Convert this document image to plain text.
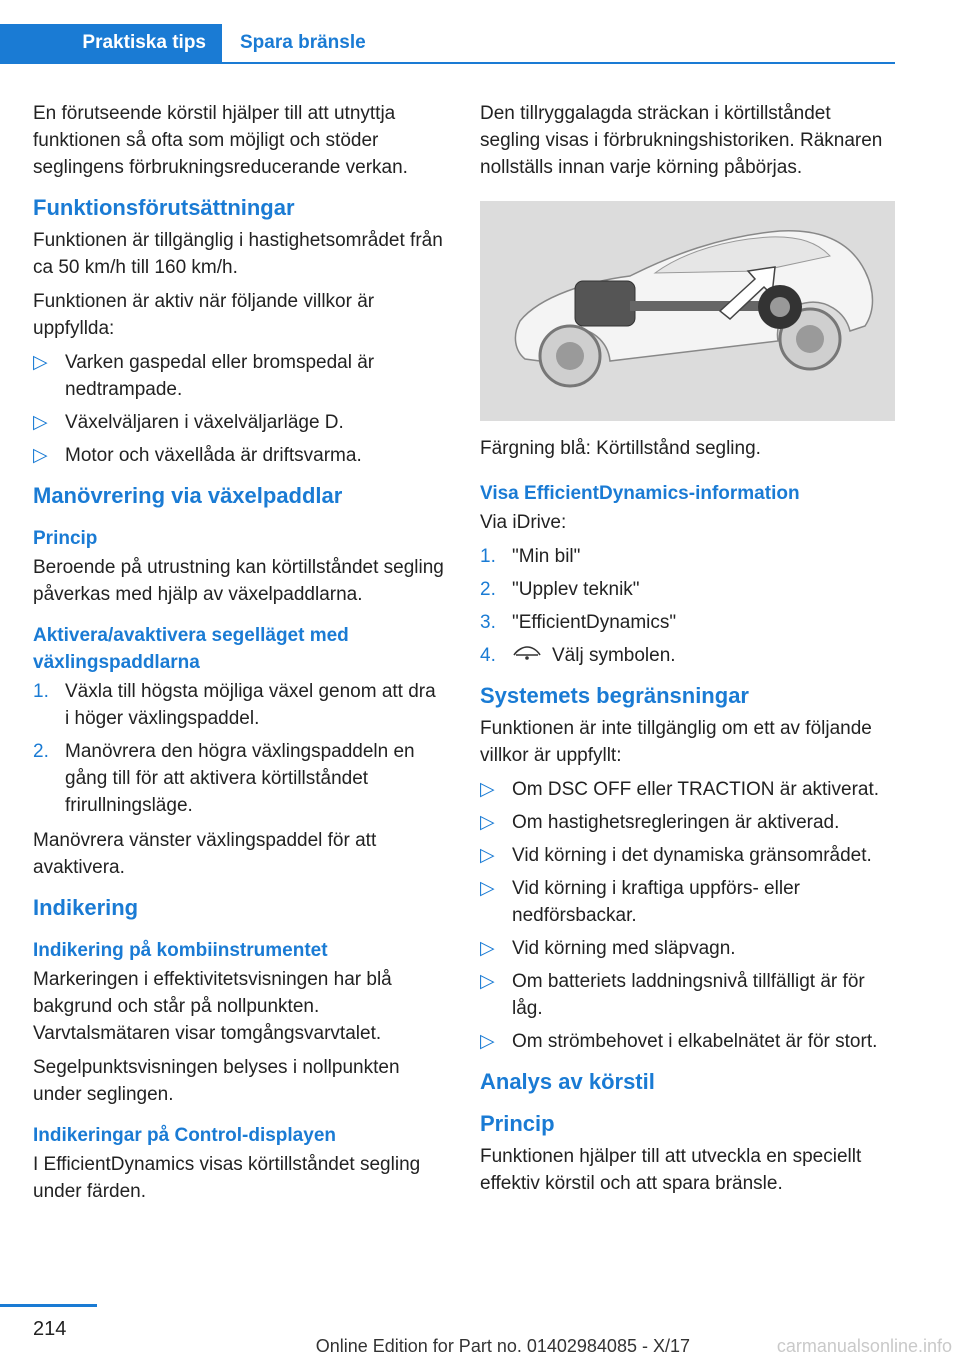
Praktiska tips	Spara bränsle

En förutseende körstil hjälper till att utnyttja funktionen så ofta som möjligt och stöder seglingens förbrukningsreducerande verkan.

Funktionsförutsättningar

Funktionen är tillgänglig i hastighetsområdet från ca 50 km/h till 160 km/h.

Funktionen är aktiv när följande villkor är uppfyllda:

▷ Varken gaspedal eller bromspedal är nedtrampade.
▷ Växelväljaren i växelväljarläge D.
▷ Motor och växellåda är driftsvarma.
Manövrering via växelpaddlar
Princip

Beroende på utrustning kan körtillståndet segling påverkas med hjälp av växelpaddlarna.

Aktivera/avaktivera segelläget med växlingspaddlarna
1. Växla till högsta möjliga växel genom att dra i höger växlingspaddel.
2. Manövrera den högra växlingspaddeln en gång till för att aktivera körtillståndet frirullningsläge.

Manövrera vänster växlingspaddel för att avaktivera.

Indikering
Indikering på kombiinstrumentet

Markeringen i effektivitetsvisningen har blå bakgrund och står på nollpunkten. Varvtalsmätaren visar tomgångsvarvtalet.

Segelpunktsvisningen belyses i nollpunkten under seglingen.

Indikeringar på Control-displayen

I EfficientDynamics visas körtillståndet segling under färden.

Den tillryggalagda sträckan i körtillståndet segling visas i förbrukningshistoriken. Räknaren nollställs innan varje körning påbörjas.

Färgning blå: Körtillstånd segling.

Visa EfficientDynamics-information

Via iDrive:

1. "Min bil"
2. "Upplev teknik"
3. "EfficientDynamics"
4.	Välj symbolen.
Systemets begränsningar

Funktionen är inte tillgänglig om ett av följande villkor är uppfyllt:

▷ Om DSC OFF eller TRACTION är aktiverat.
▷ Om hastighetsregleringen är aktiverad.
▷ Vid körning i det dynamiska gränsområdet.
▷ Vid körning i kraftiga uppförs- eller nedförsbackar.
▷ Vid körning med släpvagn.
▷ Om batteriets laddningsnivå tillfälligt är för låg.
▷ Om strömbehovet i elkabelnätet är för stort.
Analys av körstil
Princip

Funktionen hjälper till att utveckla en speciellt effektiv körstil och att spara bränsle.

214
Online Edition for Part no. 01402984085 - X/17	carmanualsonline.info
